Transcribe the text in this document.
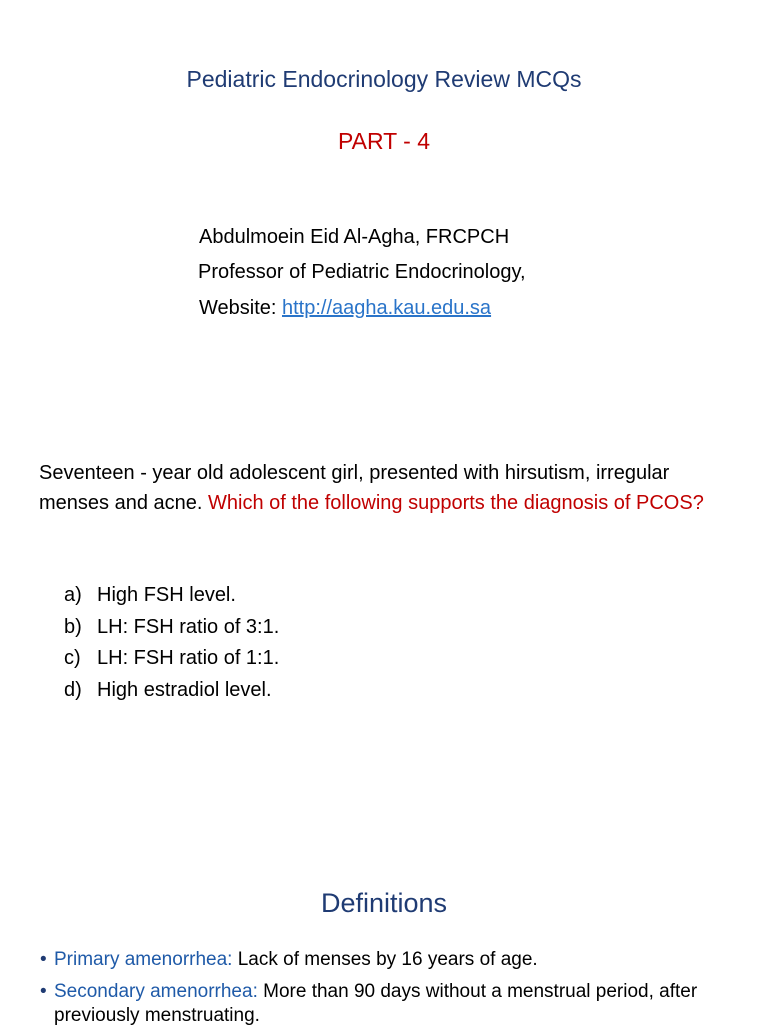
Pediatric Endocrinology Review MCQs
PART - 4
Abdulmoein Eid Al-Agha, FRCPCH
Professor of Pediatric Endocrinology,
Website: http://aagha.kau.edu.sa

Seventeen - year old adolescent girl, presented with hirsutism, irregular menses and acne. Which of the following supports the diagnosis of PCOS?

a) High FSH level.
b) LH: FSH ratio of 3:1.
c) LH: FSH ratio of 1:1.
d) High estradiol level.
Definitions
• Primary amenorrhea: Lack of menses by 16 years of age.
• Secondary amenorrhea: More than 90 days without a menstrual period, after previously menstruating.
